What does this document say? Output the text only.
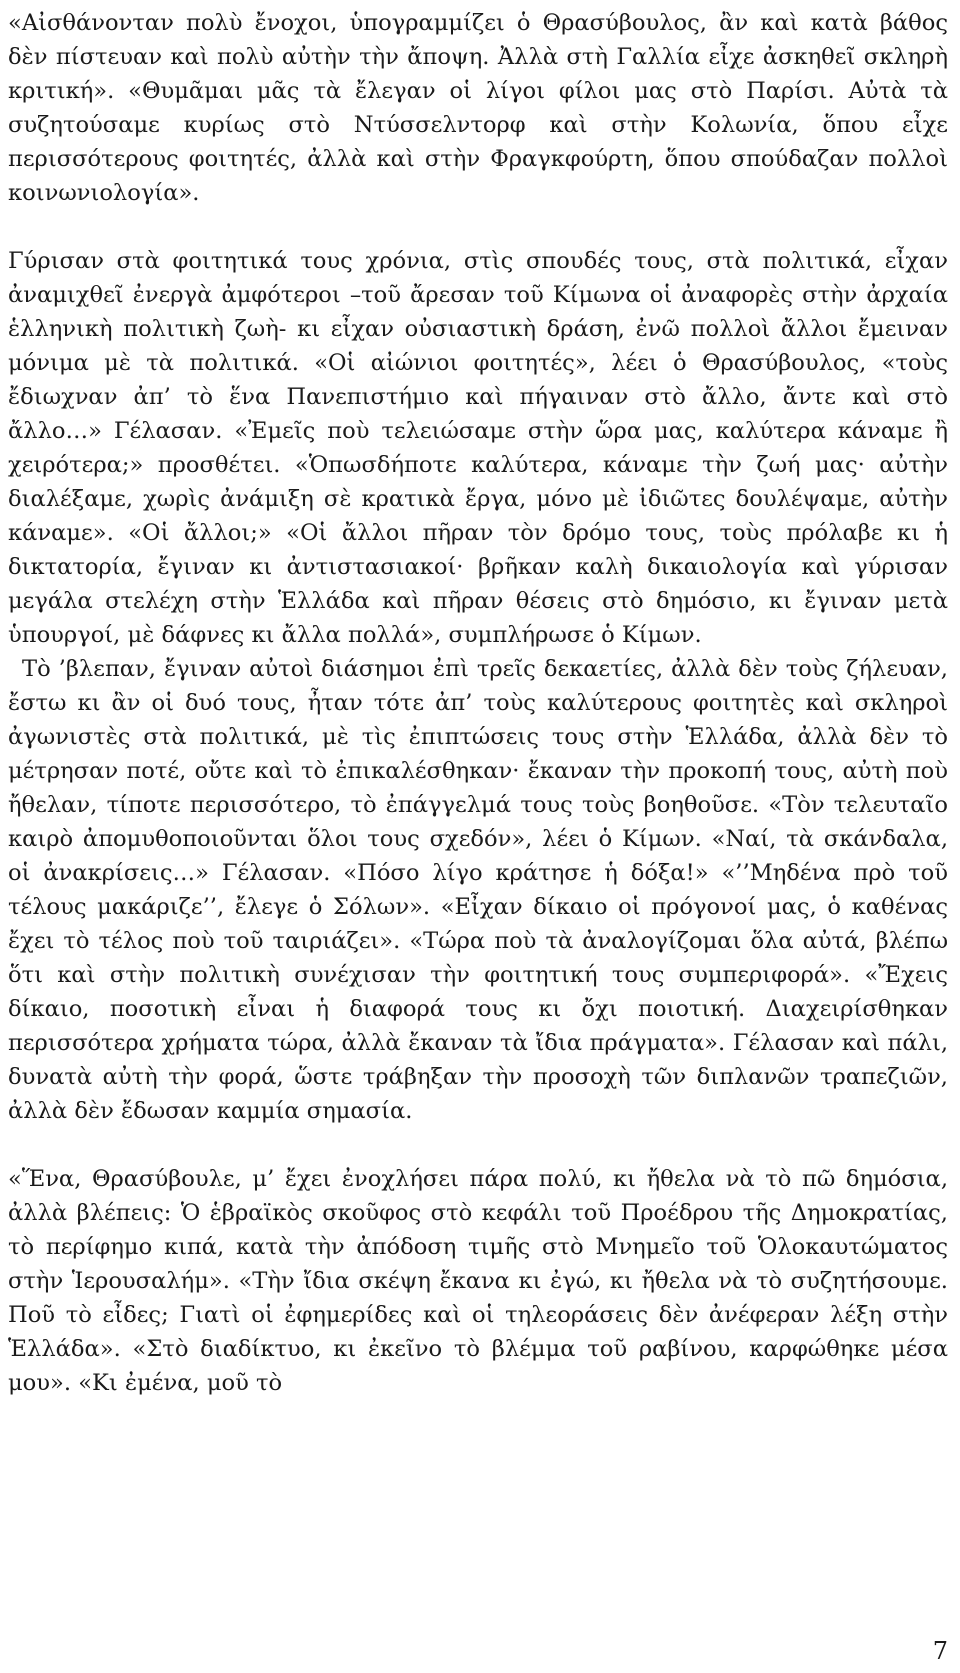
«Αἰσθάνονταν πολὺ ἔνοχοι, ὑπογραμμίζει ὁ Θρασύβουλος, ἂν καὶ κατὰ βάθος δὲν πίστευαν καὶ πολὺ αὐτὴν τὴν ἄποψη. Ἀλλὰ στὴ Γαλλία εἶχε ἀσκηθεῖ σκληρὴ κριτική». «Θυμᾶμαι μᾶς τὰ ἔλεγαν οἱ λίγοι φίλοι μας στὸ Παρίσι. Αὐτὰ τὰ συζητούσαμε κυρίως στὸ Ντύσσελντορφ καὶ στὴν Κολωνία, ὅπου εἶχε περισσότερους φοιτητές, ἀλλὰ καὶ στὴν Φραγκφούρτη, ὅπου σπούδαζαν πολλοὶ κοινωνιολογία».

Γύρισαν στὰ φοιτητικά τους χρόνια, στὶς σπουδές τους, στὰ πολιτικά, εἶχαν ἀναμιχθεῖ ἐνεργὰ ἀμφότεροι –τοῦ ἄρεσαν τοῦ Κίμωνα οἱ ἀναφορὲς στὴν ἀρχαία ἑλληνικὴ πολιτικὴ ζωὴ- κι εἶχαν οὐσιαστικὴ δράση, ἐνῶ πολλοὶ ἄλλοι ἔμειναν μόνιμα μὲ τὰ πολιτικά. «Οἱ αἰώνιοι φοιτητές», λέει ὁ Θρασύβουλος, «τοὺς ἔδιωχναν ἀπ’ τὸ ἕνα Πανεπιστήμιο καὶ πήγαιναν στὸ ἄλλο, ἄντε καὶ στὸ ἄλλο…» Γέλασαν. «Ἐμεῖς ποὺ τελειώσαμε στὴν ὥρα μας, καλύτερα κάναμε ἢ χειρότερα;» προσθέτει. «Ὁπωσδήποτε καλύτερα, κάναμε τὴν ζωή μας· αὐτὴν διαλέξαμε, χωρὶς ἀνάμιξη σὲ κρατικὰ ἔργα, μόνο μὲ ἰδιῶτες δουλέψαμε, αὐτὴν κάναμε». «Οἱ ἄλλοι;» «Οἱ ἄλλοι πῆραν τὸν δρόμο τους, τοὺς πρόλαβε κι ἡ δικτατορία, ἔγιναν κι ἀντιστασιακοί· βρῆκαν καλὴ δικαιολογία καὶ γύρισαν μεγάλα στελέχη στὴν Ἑλλάδα καὶ πῆραν θέσεις στὸ δημόσιο, κι ἔγιναν μετὰ ὑπουργοί, μὲ δάφνες κι ἄλλα πολλά», συμπλήρωσε ὁ Κίμων.

Τὸ ’βλεπαν, ἔγιναν αὐτοὶ διάσημοι ἐπὶ τρεῖς δεκαετίες, ἀλλὰ δὲν τοὺς ζήλευαν, ἔστω κι ἂν οἱ δυό τους, ἦταν τότε ἀπ’ τοὺς καλύτερους φοιτητὲς καὶ σκληροὶ ἀγωνιστὲς στὰ πολιτικά, μὲ τὶς ἐπιπτώσεις τους στὴν Ἑλλάδα, ἀλλὰ δὲν τὸ μέτρησαν ποτέ, οὔτε καὶ τὸ ἐπικαλέσθηκαν· ἔκαναν τὴν προκοπή τους, αὐτὴ ποὺ ἤθελαν, τίποτε περισσότερο, τὸ ἐπάγγελμά τους τοὺς βοηθοῦσε. «Τὸν τελευταῖο καιρὸ ἀπομυθοποιοῦνται ὅλοι τους σχεδόν», λέει ὁ Κίμων. «Ναί, τὰ σκάνδαλα, οἱ ἀνακρίσεις…» Γέλασαν. «Πόσο λίγο κράτησε ἡ δόξα!» «’’Μηδένα πρὸ τοῦ τέλους μακάριζε’’, ἔλεγε ὁ Σόλων». «Εἶχαν δίκαιο οἱ πρόγονοί μας, ὁ καθένας ἔχει τὸ τέλος ποὺ τοῦ ταιριάζει». «Τώρα ποὺ τὰ ἀναλογίζομαι ὅλα αὐτά, βλέπω ὅτι καὶ στὴν πολιτικὴ συνέχισαν τὴν φοιτητική τους συμπεριφορά». «Ἔχεις δίκαιο, ποσοτικὴ εἶναι ἡ διαφορά τους κι ὄχι ποιοτική. Διαχειρίσθηκαν περισσότερα χρήματα τώρα, ἀλλὰ ἔκαναν τὰ ἴδια πράγματα». Γέλασαν καὶ πάλι, δυνατὰ αὐτὴ τὴν φορά, ὥστε τράβηξαν τὴν προσοχὴ τῶν διπλανῶν τραπεζιῶν, ἀλλὰ δὲν ἔδωσαν καμμία σημασία.

«Ἕνα, Θρασύβουλε, μ’ ἔχει ἐνοχλήσει πάρα πολύ, κι ἤθελα νὰ τὸ πῶ δημόσια, ἀλλὰ βλέπεις: Ὁ ἑβραϊκὸς σκοῦφος στὸ κεφάλι τοῦ Προέδρου τῆς Δημοκρατίας, τὸ περίφημο κιπά, κατὰ τὴν ἀπόδοση τιμῆς στὸ Μνημεῖο τοῦ Ὁλοκαυτώματος στὴν Ἱερουσαλήμ». «Τὴν ἴδια σκέψη ἔκανα κι ἐγώ, κι ἤθελα νὰ τὸ συζητήσουμε. Ποῦ τὸ εἶδες; Γιατὶ οἱ ἐφημερίδες καὶ οἱ τηλεοράσεις δὲν ἀνέφεραν λέξη στὴν Ἑλλάδα». «Στὸ διαδίκτυο, κι ἐκεῖνο τὸ βλέμμα τοῦ ραβίνου, καρφώθηκε μέσα μου». «Κι ἐμένα, μοῦ τὸ

7
